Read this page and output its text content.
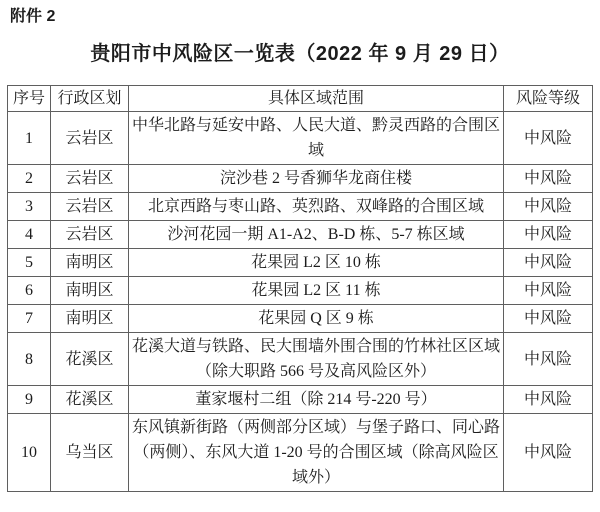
附件 2
贵阳市中风险区一览表（2022 年 9 月 29 日）
序号	行政区划	具体区域范围	风险等级
1	云岩区	中华北路与延安中路、人民大道、黔灵西路的合围区域	中风险
2	云岩区	浣沙巷 2 号香狮华龙商住楼	中风险
3	云岩区	北京西路与枣山路、英烈路、双峰路的合围区域	中风险
4	云岩区	沙河花园一期 A1-A2、B-D 栋、5-7 栋区域	中风险
5	南明区	花果园 L2 区 10 栋	中风险
6	南明区	花果园 L2 区 11 栋	中风险
7	南明区	花果园 Q 区 9 栋	中风险
8	花溪区	花溪大道与铁路、民大围墙外围合围的竹林社区区域（除大职路 566 号及高风险区外）	中风险
9	花溪区	董家堰村二组（除 214 号-220 号）	中风险
10	乌当区	东风镇新街路（两侧部分区域）与堡子路口、同心路（两侧）、东风大道 1-20 号的合围区域（除高风险区域外）	中风险
